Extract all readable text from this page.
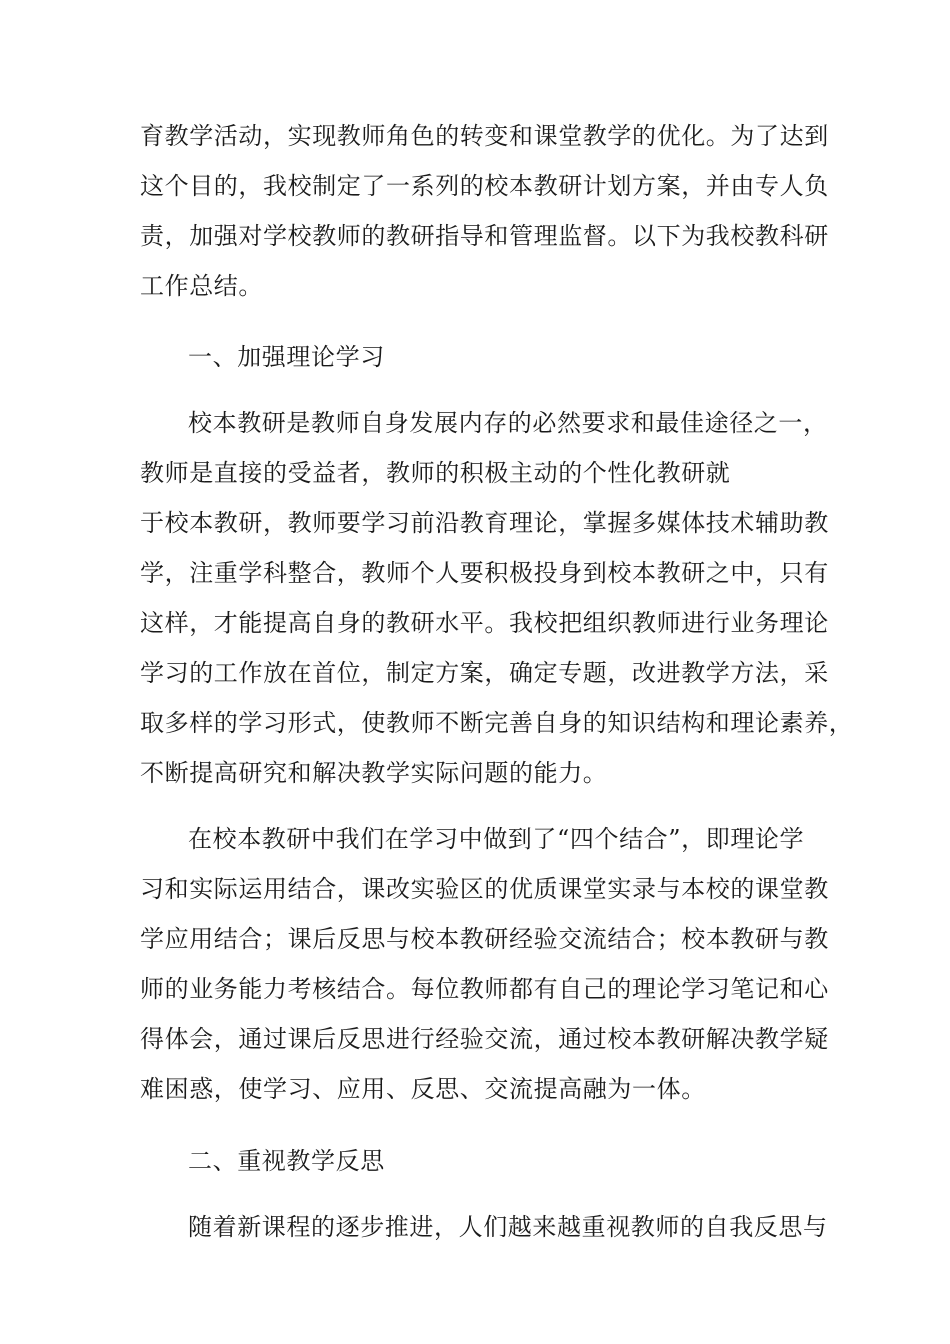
育教学活动，实现教师角色的转变和课堂教学的优化。为了达到
这个目的，我校制定了一系列的校本教研计划方案，并由专人负
责，加强对学校教师的教研指导和管理监督。以下为我校教科研
工作总结。
一、加强理论学习
校本教研是教师自身发展内存的必然要求和最佳途径之一，
教师是直接的受益者，教师的积极主动的个性化教研就
于校本教研，教师要学习前沿教育理论，掌握多媒体技术辅助教
学，注重学科整合，教师个人要积极投身到校本教研之中，只有
这样，才能提高自身的教研水平。我校把组织教师进行业务理论
学习的工作放在首位，制定方案，确定专题，改进教学方法，采
取多样的学习形式，使教师不断完善自身的知识结构和理论素养，
不断提高研究和解决教学实际问题的能力。
在校本教研中我们在学习中做到了“四个结合”，即理论学
习和实际运用结合，课改实验区的优质课堂实录与本校的课堂教
学应用结合；课后反思与校本教研经验交流结合；校本教研与教
师的业务能力考核结合。每位教师都有自己的理论学习笔记和心
得体会，通过课后反思进行经验交流，通过校本教研解决教学疑
难困惑，使学习、应用、反思、交流提高融为一体。
二、重视教学反思
随着新课程的逐步推进，人们越来越重视教师的自我反思与
